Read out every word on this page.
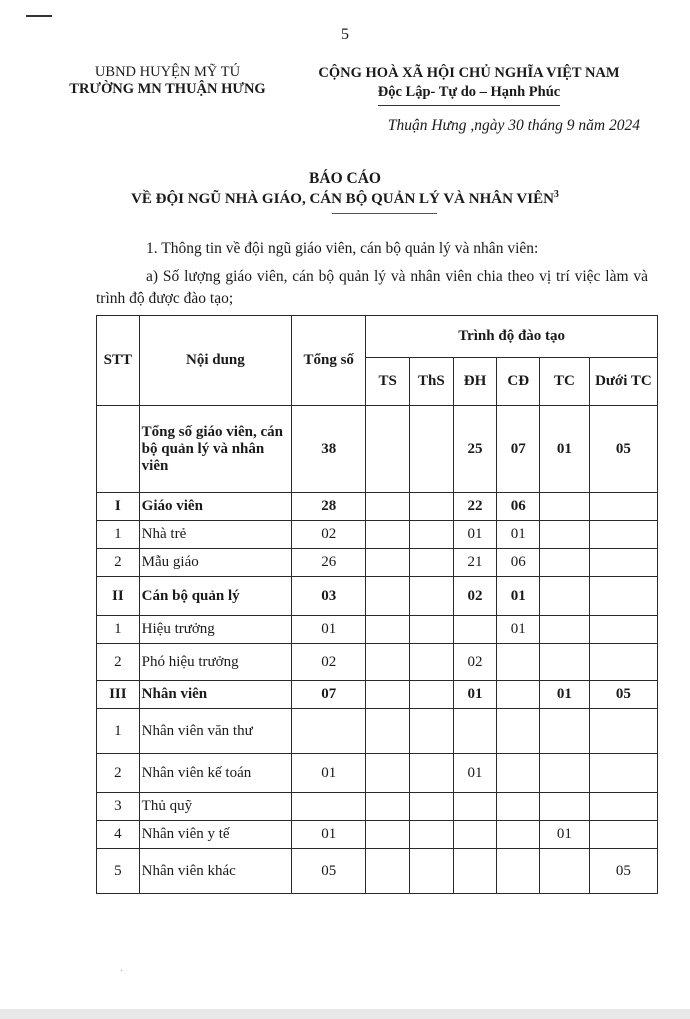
5
UBND HUYỆN MỸ TÚ
TRƯỜNG MN THUẬN HƯNG
CỘNG HOÀ XÃ HỘI CHỦ NGHĨA VIỆT NAM
Độc Lập- Tự do – Hạnh Phúc
Thuận Hưng ,ngày 30 tháng 9 năm 2024
BÁO CÁO
VỀ ĐỘI NGŨ NHÀ GIÁO, CÁN BỘ QUẢN LÝ VÀ NHÂN VIÊN$^3$
1. Thông tin về đội ngũ giáo viên, cán bộ quản lý và nhân viên:
a) Số lượng giáo viên, cán bộ quản lý và nhân viên chia theo vị trí việc làm và trình độ được đào tạo;
STT	Nội dung	Tổng số	Trình độ đào tạo					
			TS	ThS	ĐH	CĐ	TC	Dưới TC
	Tổng số giáo viên, cán bộ quản lý và nhân viên	38			25	07	01	05
I	Giáo viên	28			22	06		
1	Nhà trẻ	02			01	01		
2	Mẫu giáo	26			21	06		
II	Cán bộ quản lý	03			02	01		
1	Hiệu trưởng	01				01		
2	Phó hiệu trưởng	02			02			
III	Nhân viên	07			01		01	05
1	Nhân viên văn thư							
2	Nhân viên kế toán	01			01			
3	Thủ quỹ							
4	Nhân viên y tế	01					01	
5	Nhân viên khác	05						05
·
